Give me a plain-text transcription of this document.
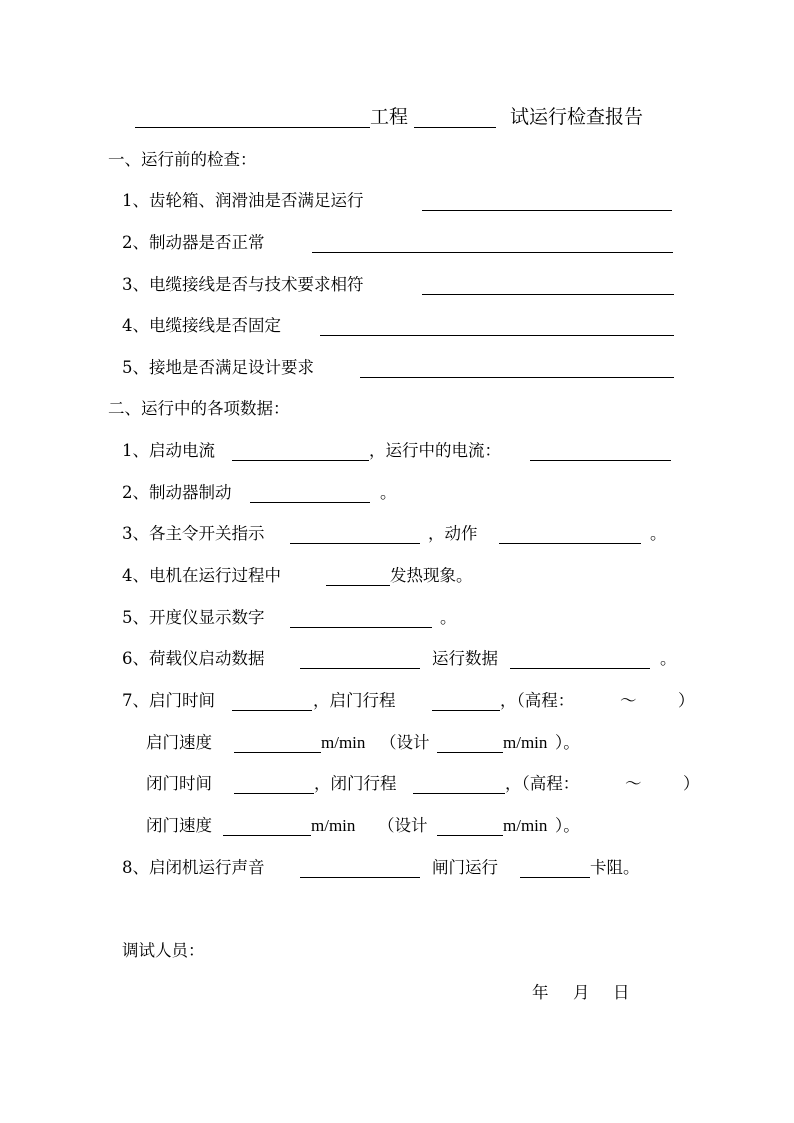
工程	试运行检查报告
一、运行前的检查：
1、齿轮箱、润滑油是否满足运行
2、制动器是否正常
3、电缆接线是否与技术要求相符
4、电缆接线是否固定
5、接地是否满足设计要求
二、运行中的各项数据：
1、启动电流	，运行中的电流：
2、制动器制动	。
3、各主令开关指示	，动作	。
4、电机在运行过程中	发热现象。
5、开度仪显示数字	。
6、荷载仪启动数据	运行数据	。
7、启门时间	，启门行程	，（高程：	～	）
启门速度	m/min （设计	m/min ）。
闭门时间	，闭门行程	，（高程：	～	）
闭门速度	m/min （设计	m/min ）。
8、启闭机运行声音	闸门运行	卡阻。
调试人员：
年 月 日
